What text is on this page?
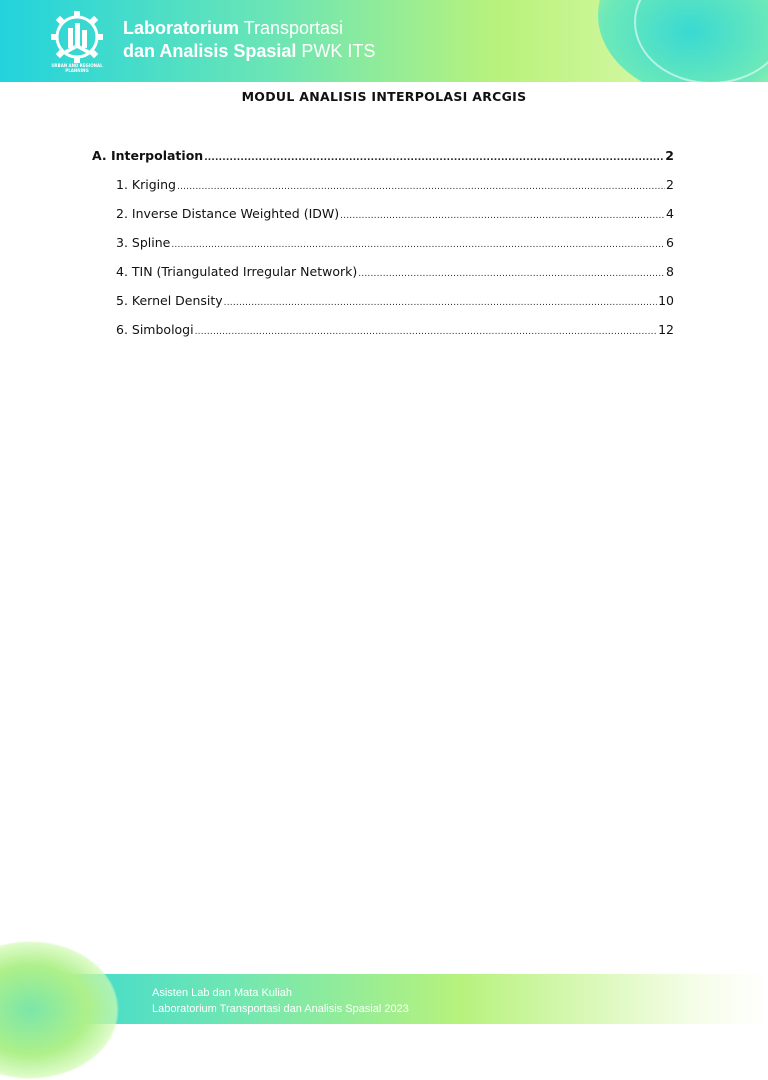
URBAN AND REGIONAL PLANNING
Laboratorium Transportasi
dan Analisis Spasial PWK ITS
MODUL ANALISIS INTERPOLASI ARCGIS
A. Interpolation .....	2
1. Kriging .....	2
2. Inverse Distance Weighted (IDW) .....	4
3. Spline .....	6
4. TIN (Triangulated Irregular Network) .....	8
5. Kernel Density .....	10
6. Simbologi .....	12
Asisten Lab dan Mata Kuliah
Laboratorium Transportasi dan Analisis Spasial 2023
